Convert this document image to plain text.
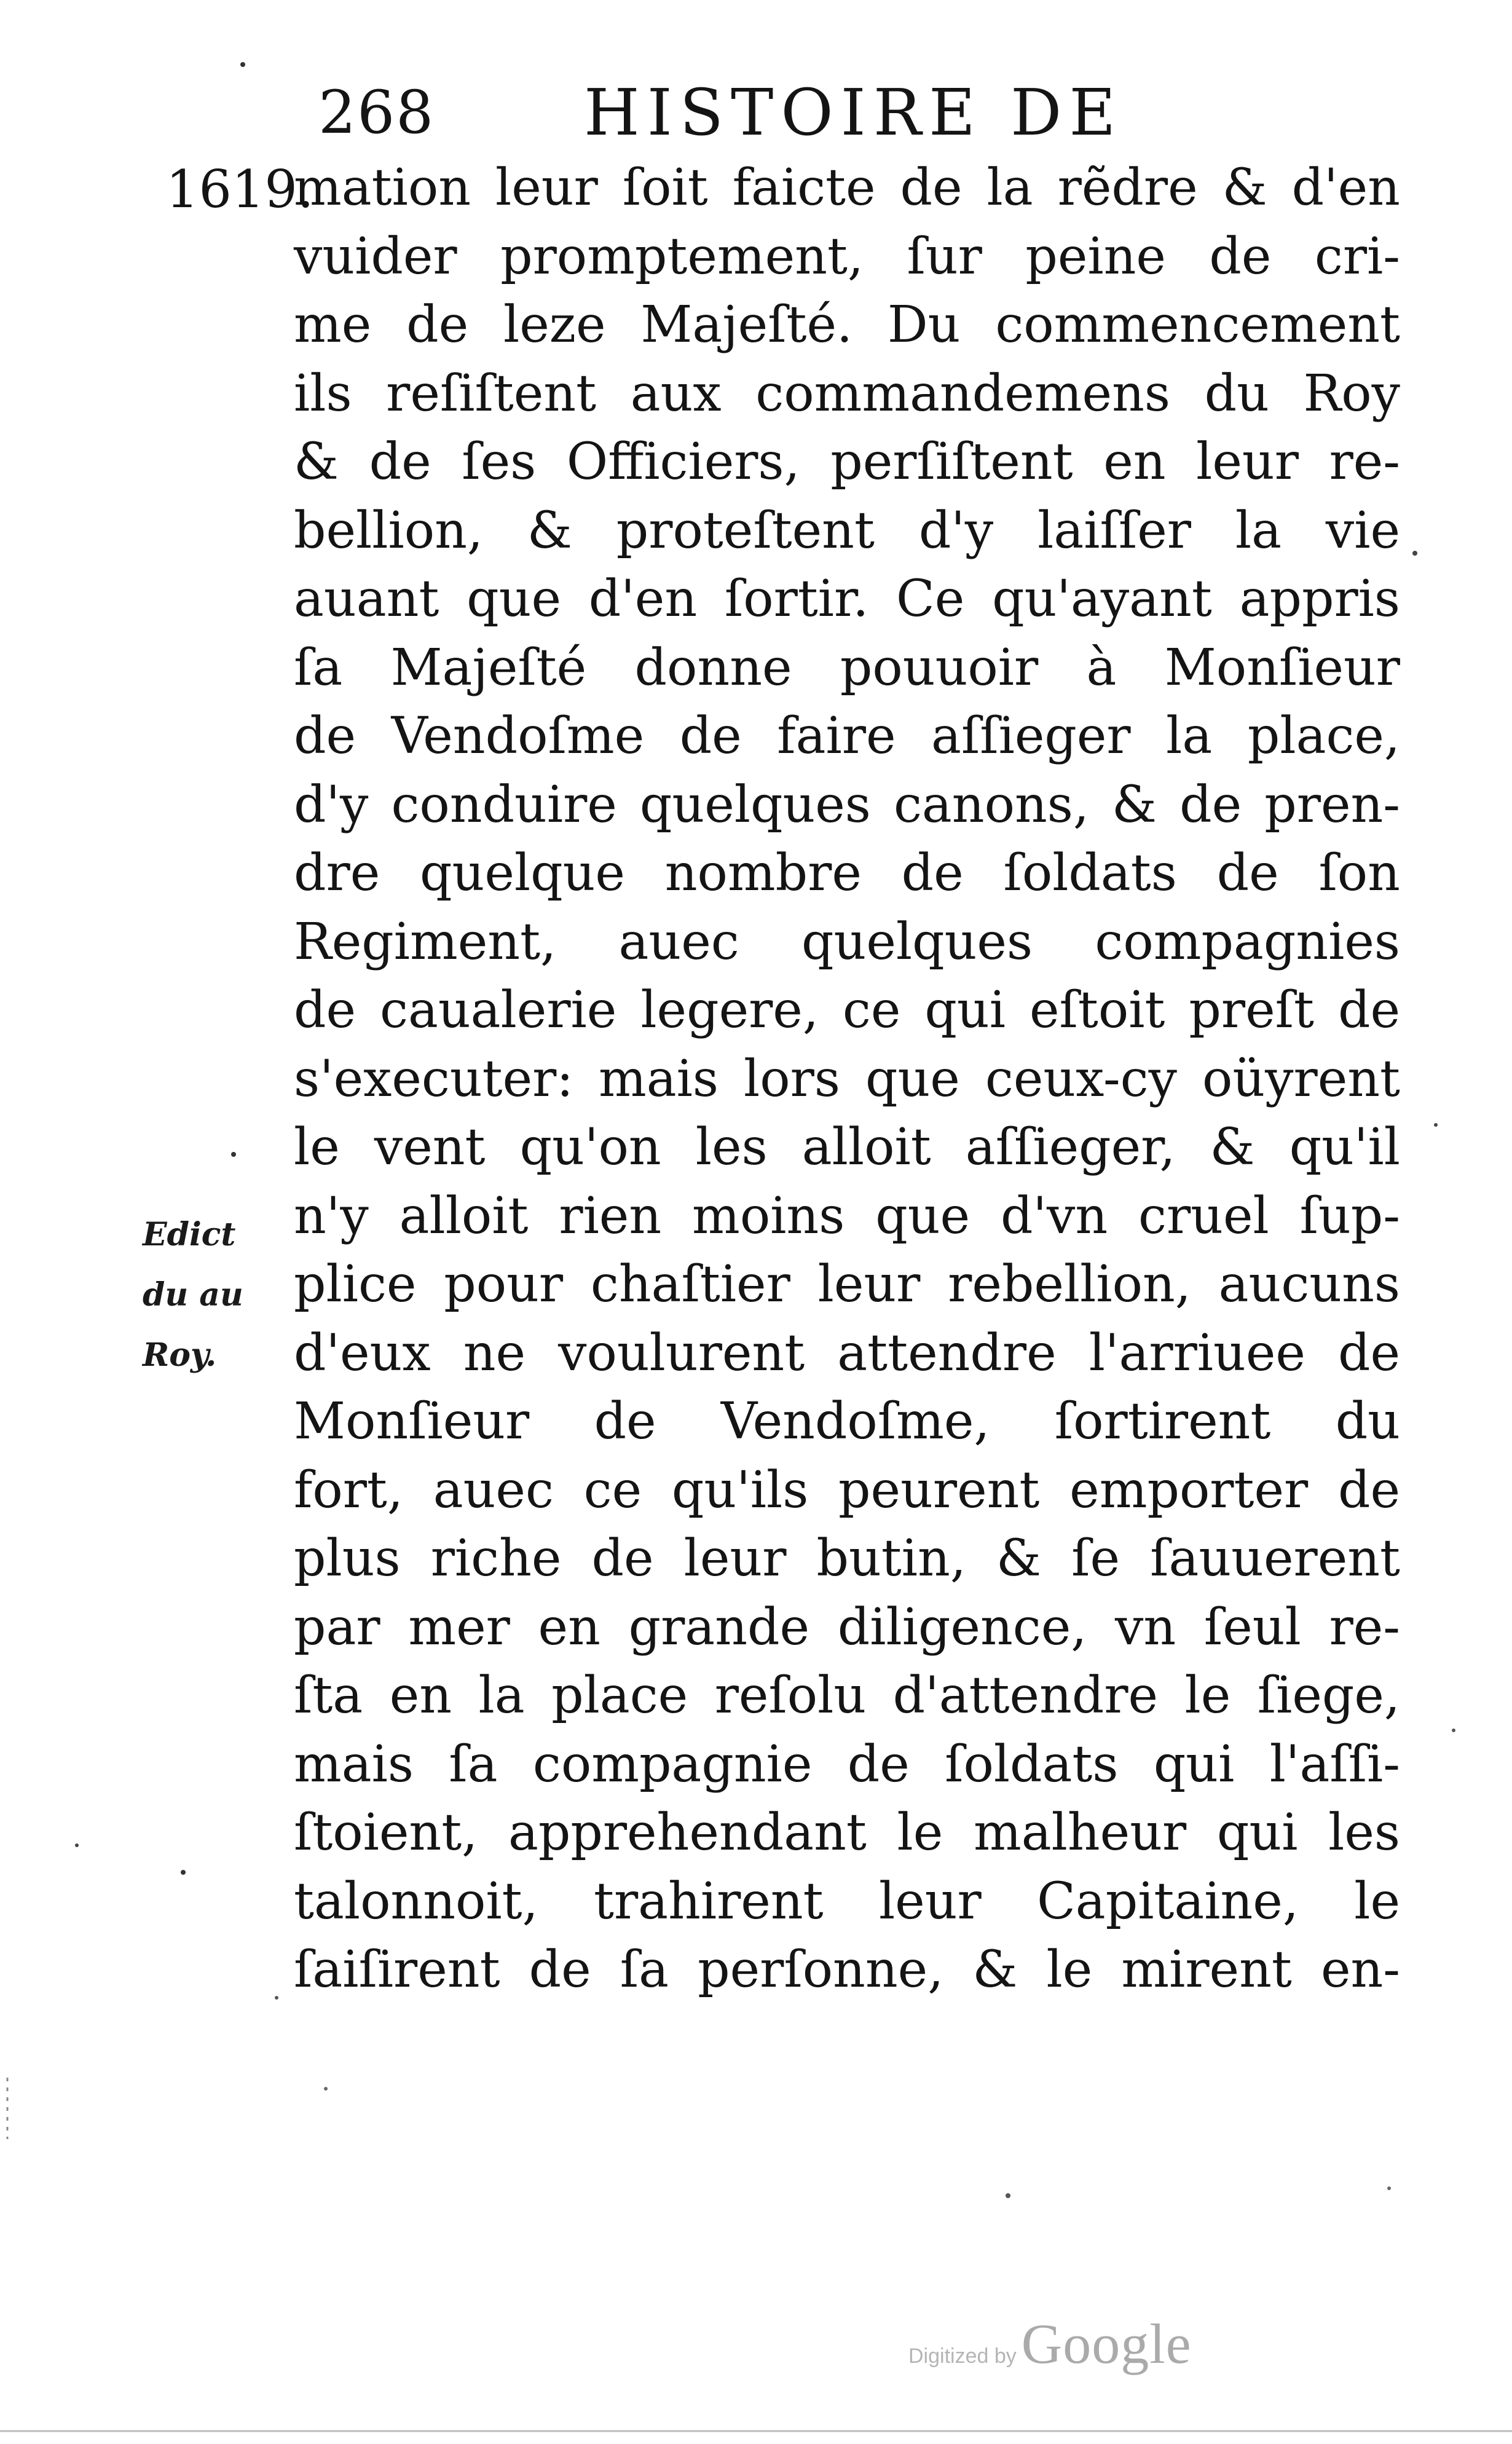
268 HISTOIRE DE
1619.
mation leur ſoit faicte de la rẽdre & d'en
vuider promptement, ſur peine de cri-
me de leze Majeſté. Du commencement
ils reſiſtent aux commandemens du Roy
& de ſes Officiers, perſiſtent en leur re-
bellion, & proteſtent d'y laiſſer la vie
auant que d'en ſortir. Ce qu'ayant appris
ſa Majeſté donne pouuoir à Monſieur
de Vendoſme de faire aſſieger la place,
d'y conduire quelques canons, & de pren-
dre quelque nombre de ſoldats de ſon
Regiment, auec quelques compagnies
de caualerie legere, ce qui eſtoit preſt de
s'executer: mais lors que ceux-cy oüyrent
le vent qu'on les alloit aſſieger, & qu'il
n'y alloit rien moins que d'vn cruel ſup-
plice pour chaſtier leur rebellion, aucuns
d'eux ne voulurent attendre l'arriuee de
Monſieur de Vendoſme, ſortirent du
fort, auec ce qu'ils peurent emporter de
plus riche de leur butin, & ſe ſauuerent
par mer en grande diligence, vn ſeul re-
ſta en la place reſolu d'attendre le ſiege,
mais ſa compagnie de ſoldats qui l'aſſi-
ſtoient, apprehendant le malheur qui les
talonnoit, trahirent leur Capitaine, le
ſaiſirent de ſa perſonne, & le mirent en-
Edict
du au
Roy.
Digitized by Google
